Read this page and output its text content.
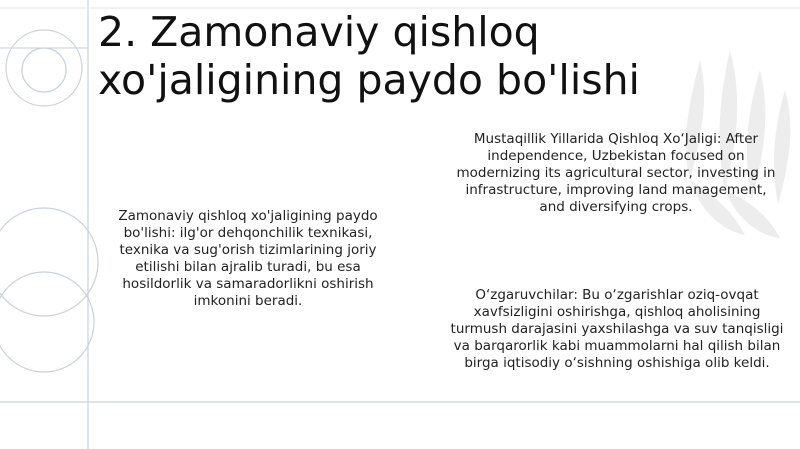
2. Zamonaviy qishloq xo'jaligining paydo bo'lishi
Zamonaviy qishloq xo'jaligining paydo bo'lishi: ilg'or dehqonchilik texnikasi, texnika va sug'orish tizimlarining joriy etilishi bilan ajralib turadi, bu esa hosildorlik va samaradorlikni oshirish imkonini beradi.
Mustaqillik Yillarida Qishloq Xo‘Jaligi: After independence, Uzbekistan focused on modernizing its agricultural sector, investing in infrastructure, improving land management, and diversifying crops.
O‘zgaruvchilar: Bu o‘zgarishlar oziq-ovqat xavfsizligini oshirishga, qishloq aholisining turmush darajasini yaxshilashga va suv tanqisligi va barqarorlik kabi muammolarni hal qilish bilan birga iqtisodiy o‘sishning oshishiga olib keldi.
